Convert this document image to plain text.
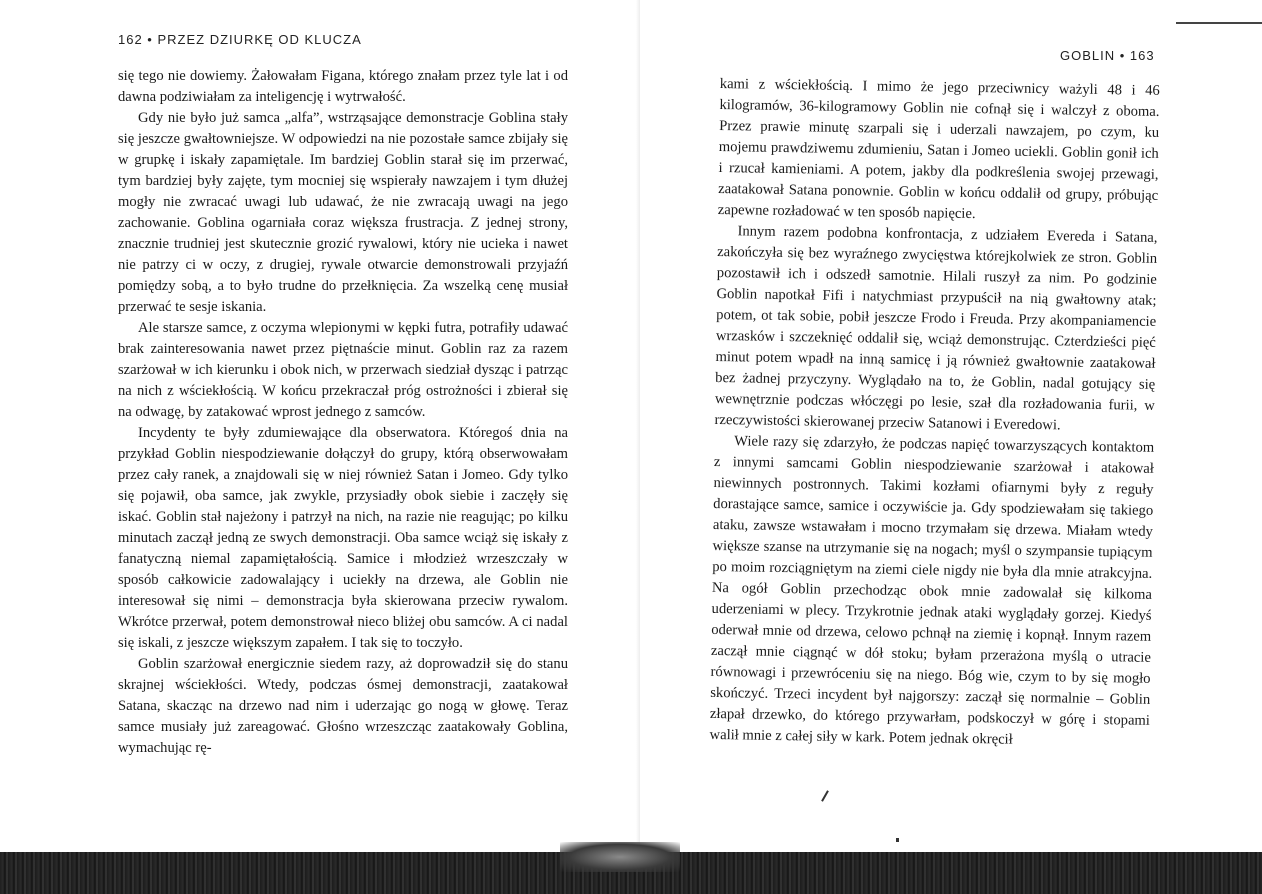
162 • PRZEZ DZIURKĘ OD KLUCZA

się tego nie dowiemy. Żałowałam Figana, którego znałam przez tyle lat i od dawna podziwiałam za inteligencję i wytrwałość.

Gdy nie było już samca „alfa”, wstrząsające demonstracje Goblina stały się jeszcze gwałtowniejsze. W odpowiedzi na nie pozostałe samce zbijały się w grupkę i iskały zapamiętale. Im bardziej Goblin starał się im przerwać, tym bardziej były zajęte, tym mocniej się wspierały nawzajem i tym dłużej mogły nie zwracać uwagi lub udawać, że nie zwracają uwagi na jego zachowanie. Goblina ogarniała coraz większa frustracja. Z jednej strony, znacznie trudniej jest skutecznie grozić rywalowi, który nie ucieka i nawet nie patrzy ci w oczy, z drugiej, rywale otwarcie demonstrowali przyjaźń pomiędzy sobą, a to było trudne do przełknięcia. Za wszelką cenę musiał przerwać te sesje iskania.

Ale starsze samce, z oczyma wlepionymi w kępki futra, potrafiły udawać brak zainteresowania nawet przez piętnaście minut. Goblin raz za razem szarżował w ich kierunku i obok nich, w przerwach siedział dysząc i patrząc na nich z wściekłością. W końcu przekraczał próg ostrożności i zbierał się na odwagę, by zatakować wprost jednego z samców.

Incydenty te były zdumiewające dla obserwatora. Któregoś dnia na przykład Goblin niespodziewanie dołączył do grupy, którą obserwowałam przez cały ranek, a znajdowali się w niej również Satan i Jomeo. Gdy tylko się pojawił, oba samce, jak zwykle, przysiadły obok siebie i zaczęły się iskać. Goblin stał najeżony i patrzył na nich, na razie nie reagując; po kilku minutach zaczął jedną ze swych demonstracji. Oba samce wciąż się iskały z fanatyczną niemal zapamiętałością. Samice i młodzież wrzeszczały w sposób całkowicie zadowalający i uciekły na drzewa, ale Goblin nie interesował się nimi – demonstracja była skierowana przeciw rywalom. Wkrótce przerwał, potem demonstrował nieco bliżej obu samców. A ci nadal się iskali, z jeszcze większym zapałem. I tak się to toczyło.

Goblin szarżował energicznie siedem razy, aż doprowadził się do stanu skrajnej wściekłości. Wtedy, podczas ósmej demonstracji, zaatakował Satana, skacząc na drzewo nad nim i uderzając go nogą w głowę. Teraz samce musiały już zareagować. Głośno wrzeszcząc zaatakowały Goblina, wymachując rę-

GOBLIN • 163

kami z wściekłością. I mimo że jego przeciwnicy ważyli 48 i 46 kilogramów, 36-kilogramowy Goblin nie cofnął się i walczył z oboma. Przez prawie minutę szarpali się i uderzali nawzajem, po czym, ku mojemu prawdziwemu zdumieniu, Satan i Jomeo uciekli. Goblin gonił ich i rzucał kamieniami. A potem, jakby dla podkreślenia swojej przewagi, zaatakował Satana ponownie. Goblin w końcu oddalił od grupy, próbując zapewne rozładować w ten sposób napięcie.

Innym razem podobna konfrontacja, z udziałem Evereda i Satana, zakończyła się bez wyraźnego zwycięstwa którejkolwiek ze stron. Goblin pozostawił ich i odszedł samotnie. Hilali ruszył za nim. Po godzinie Goblin napotkał Fifi i natychmiast przypuścił na nią gwałtowny atak; potem, ot tak sobie, pobił jeszcze Frodo i Freuda. Przy akompaniamencie wrzasków i szczeknięć oddalił się, wciąż demonstrując. Czterdzieści pięć minut potem wpadł na inną samicę i ją również gwałtownie zaatakował bez żadnej przyczyny. Wyglądało na to, że Goblin, nadal gotujący się wewnętrznie podczas włóczęgi po lesie, szał dla rozładowania furii, w rzeczywistości skierowanej przeciw Satanowi i Everedowi.

Wiele razy się zdarzyło, że podczas napięć towarzyszących kontaktom z innymi samcami Goblin niespodziewanie szarżował i atakował niewinnych postronnych. Takimi kozłami ofiarnymi były z reguły dorastające samce, samice i oczywiście ja. Gdy spodziewałam się takiego ataku, zawsze wstawałam i mocno trzymałam się drzewa. Miałam wtedy większe szanse na utrzymanie się na nogach; myśl o szympansie tupiącym po moim rozciągniętym na ziemi ciele nigdy nie była dla mnie atrakcyjna. Na ogół Goblin przechodząc obok mnie zadowalał się kilkoma uderzeniami w plecy. Trzykrotnie jednak ataki wyglądały gorzej. Kiedyś oderwał mnie od drzewa, celowo pchnął na ziemię i kopnął. Innym razem zaczął mnie ciągnąć w dół stoku; byłam przerażona myślą o utracie równowagi i przewróceniu się na niego. Bóg wie, czym to by się mogło skończyć. Trzeci incydent był najgorszy: zaczął się normalnie – Goblin złapał drzewko, do którego przywarłam, podskoczył w górę i stopami walił mnie z całej siły w kark. Potem jednak okręcił
